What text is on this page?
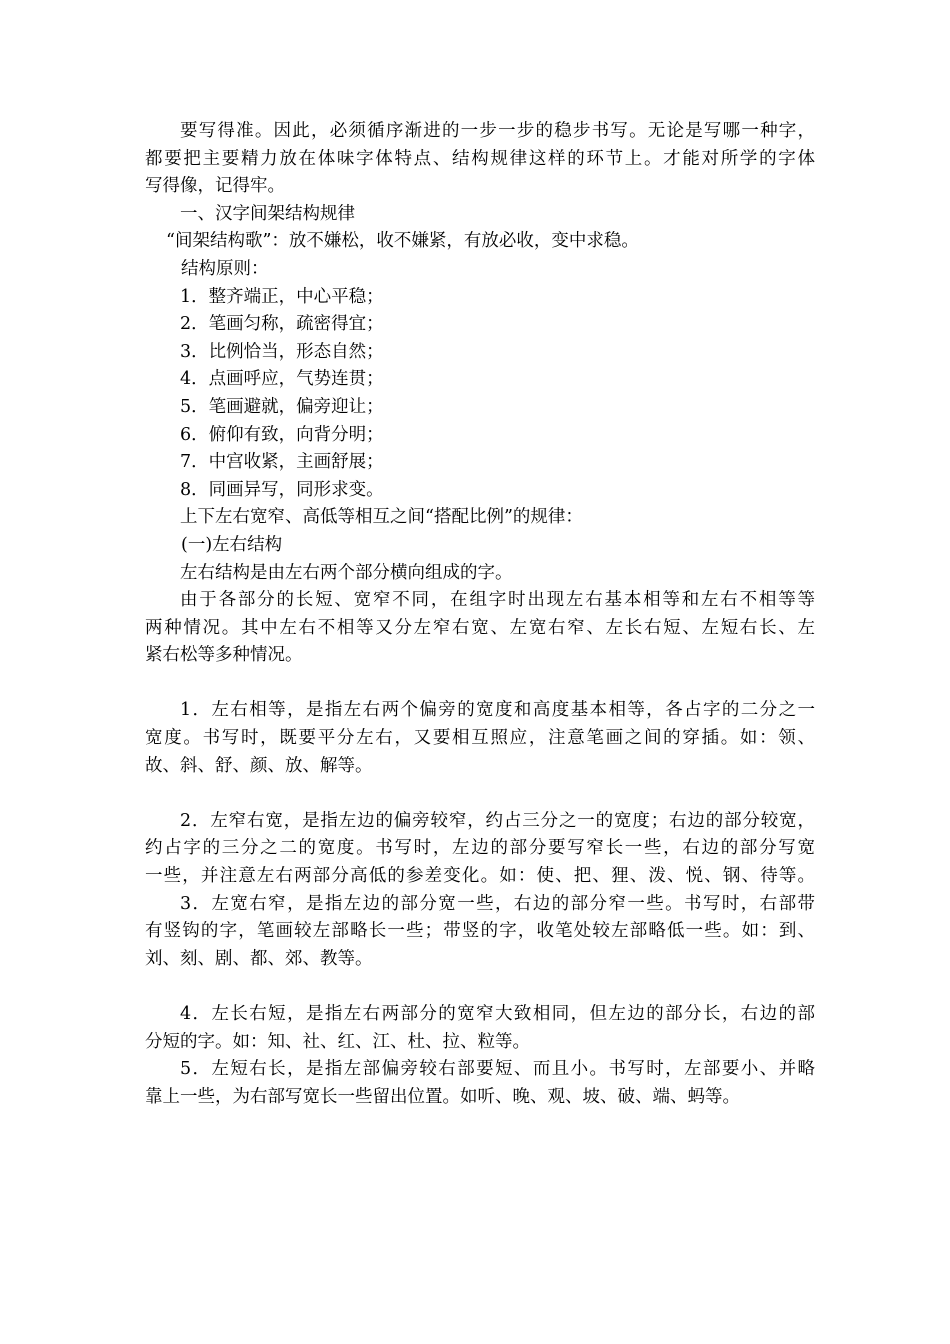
要写得准。因此，必须循序渐进的一步一步的稳步书写。无论是写哪一种字，
都要把主要精力放在体味字体特点、结构规律这样的环节上。才能对所学的字体
写得像，记得牢。
一、汉字间架结构规律
“间架结构歌”：放不嫌松，收不嫌紧，有放必收，变中求稳。
结构原则：
1．整齐端正，中心平稳；
2．笔画匀称，疏密得宜；
3．比例恰当，形态自然；
4．点画呼应，气势连贯；
5．笔画避就，偏旁迎让；
6．俯仰有致，向背分明；
7．中宫收紧，主画舒展；
8．同画异写，同形求变。
上下左右宽窄、高低等相互之间“搭配比例”的规律：
(一)左右结构
左右结构是由左右两个部分横向组成的字。
由于各部分的长短、宽窄不同，在组字时出现左右基本相等和左右不相等等
两种情况。其中左右不相等又分左窄右宽、左宽右窄、左长右短、左短右长、左
紧右松等多种情况。
1．左右相等，是指左右两个偏旁的宽度和高度基本相等，各占字的二分之一
宽度。书写时，既要平分左右，又要相互照应，注意笔画之间的穿插。如：领、
故、斜、舒、颜、放、解等。
2．左窄右宽，是指左边的偏旁较窄，约占三分之一的宽度；右边的部分较宽，
约占字的三分之二的宽度。书写时，左边的部分要写窄长一些，右边的部分写宽
一些，并注意左右两部分高低的参差变化。如：使、把、狸、泼、悦、钢、待等。
3．左宽右窄，是指左边的部分宽一些，右边的部分窄一些。书写时，右部带
有竖钩的字，笔画较左部略长一些；带竖的字，收笔处较左部略低一些。如：到、
刘、刻、剧、都、郊、教等。
4．左长右短，是指左右两部分的宽窄大致相同，但左边的部分长，右边的部
分短的字。如：知、社、红、江、杜、拉、粒等。
5．左短右长，是指左部偏旁较右部要短、而且小。书写时，左部要小、并略
靠上一些，为右部写宽长一些留出位置。如听、晚、观、坡、破、端、蚂等。
